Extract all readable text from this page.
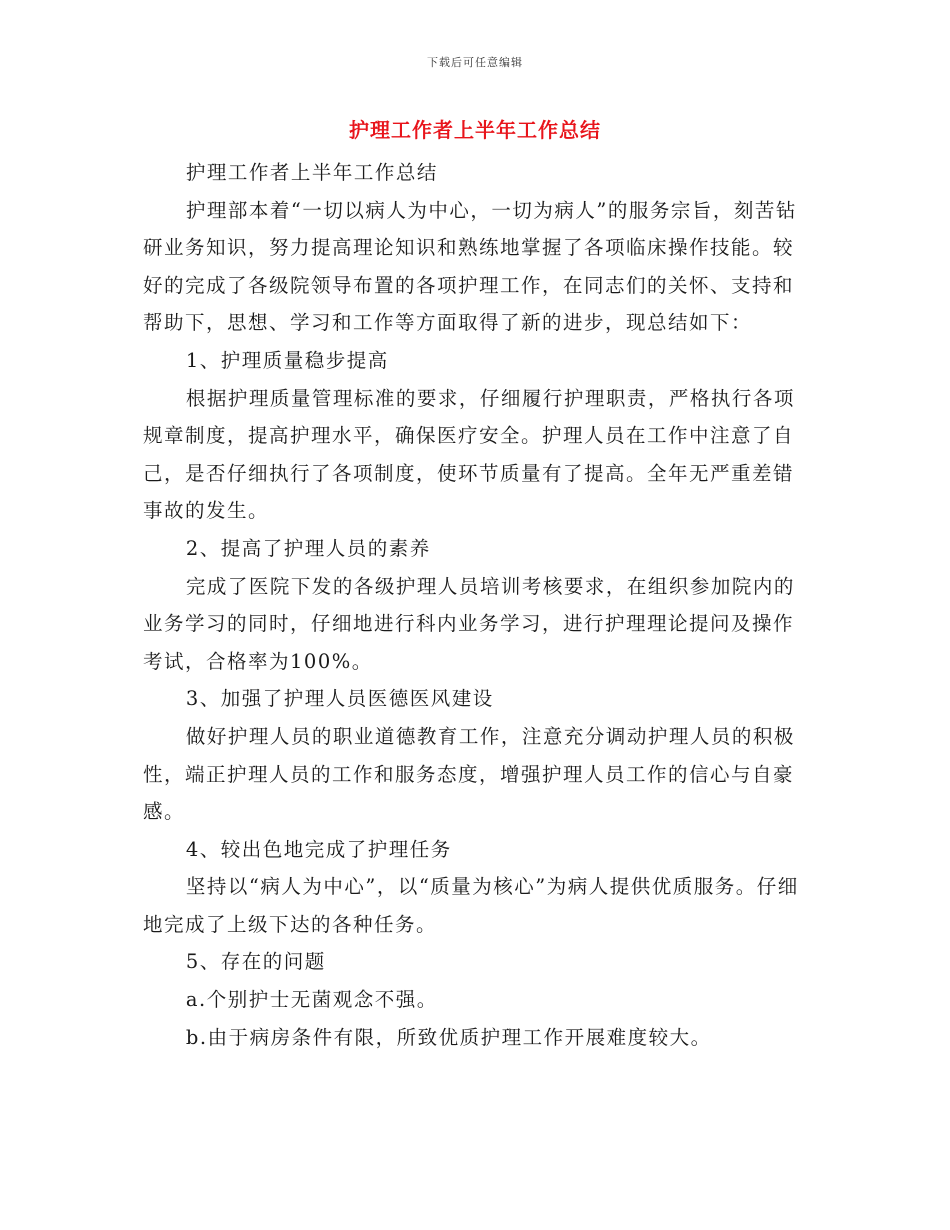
下载后可任意编辑
护理工作者上半年工作总结

护理工作者上半年工作总结

护理部本着“一切以病人为中心，一切为病人”的服务宗旨，刻苦钻研业务知识，努力提高理论知识和熟练地掌握了各项临床操作技能。较好的完成了各级院领导布置的各项护理工作，在同志们的关怀、支持和帮助下，思想、学习和工作等方面取得了新的进步，现总结如下：

1、护理质量稳步提高

根据护理质量管理标准的要求，仔细履行护理职责，严格执行各项规章制度，提高护理水平，确保医疗安全。护理人员在工作中注意了自己，是否仔细执行了各项制度，使环节质量有了提高。全年无严重差错事故的发生。

2、提高了护理人员的素养

完成了医院下发的各级护理人员培训考核要求，在组织参加院内的业务学习的同时，仔细地进行科内业务学习，进行护理理论提问及操作考试，合格率为100%。

3、加强了护理人员医德医风建设

做好护理人员的职业道德教育工作，注意充分调动护理人员的积极性，端正护理人员的工作和服务态度，增强护理人员工作的信心与自豪感。

4、较出色地完成了护理任务

坚持以“病人为中心”，以“质量为核心”为病人提供优质服务。仔细地完成了上级下达的各种任务。

5、存在的问题

a.个别护士无菌观念不强。

b.由于病房条件有限，所致优质护理工作开展难度较大。
